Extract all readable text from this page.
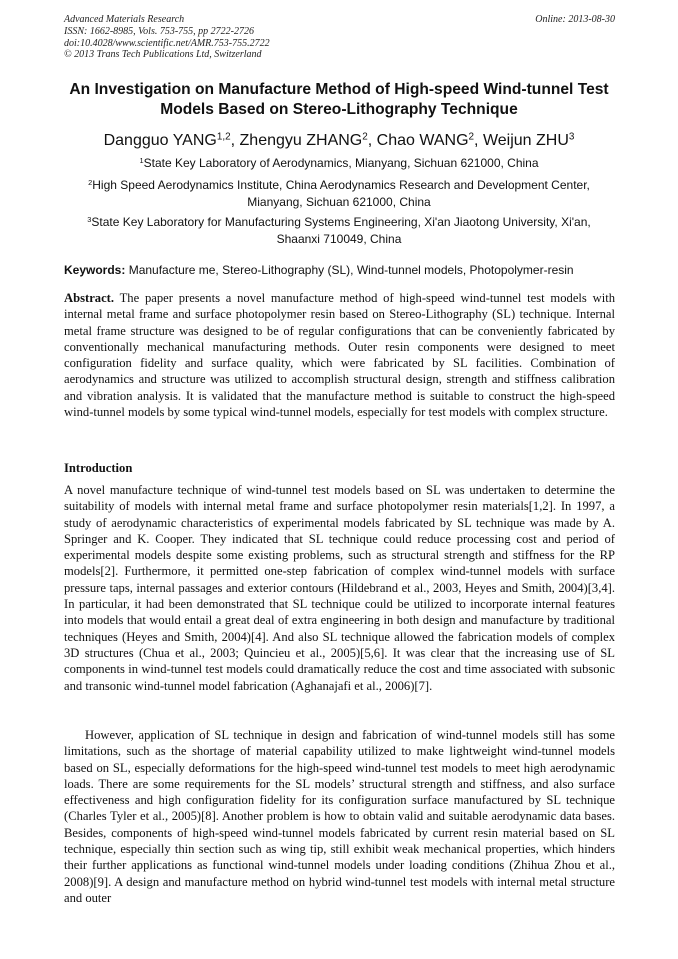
Advanced Materials Research
ISSN: 1662-8985, Vols. 753-755, pp 2722-2726
doi:10.4028/www.scientific.net/AMR.753-755.2722
© 2013 Trans Tech Publications Ltd, Switzerland
Online: 2013-08-30
An Investigation on Manufacture Method of High-speed Wind-tunnel Test Models Based on Stereo-Lithography Technique
Dangguo YANG$^{1,2}$, Zhengyu ZHANG$^2$, Chao WANG$^2$, Weijun ZHU$^3$
$^1$State Key Laboratory of Aerodynamics, Mianyang, Sichuan 621000, China
$^2$High Speed Aerodynamics Institute, China Aerodynamics Research and Development Center, Mianyang, Sichuan 621000, China
$^3$State Key Laboratory for Manufacturing Systems Engineering, Xi'an Jiaotong University, Xi'an, Shaanxi 710049, China
Keywords: Manufacture me, Stereo-Lithography (SL), Wind-tunnel models, Photopolymer-resin
Abstract. The paper presents a novel manufacture method of high-speed wind-tunnel test models with internal metal frame and surface photopolymer resin based on Stereo-Lithography (SL) technique. Internal metal frame structure was designed to be of regular configurations that can be conveniently fabricated by conventionally mechanical manufacturing methods. Outer resin components were designed to meet configuration fidelity and surface quality, which were fabricated by SL facilities. Combination of aerodynamics and structure was utilized to accomplish structural design, strength and stiffness calibration and vibration analysis. It is validated that the manufacture method is suitable to construct the high-speed wind-tunnel models by some typical wind-tunnel models, especially for test models with complex structure.
Introduction
A novel manufacture technique of wind-tunnel test models based on SL was undertaken to determine the suitability of models with internal metal frame and surface photopolymer resin materials[1,2]. In 1997, a study of aerodynamic characteristics of experimental models fabricated by SL technique was made by A. Springer and K. Cooper. They indicated that SL technique could reduce processing cost and period of experimental models despite some existing problems, such as structural strength and stiffness for the RP models[2]. Furthermore, it permitted one-step fabrication of complex wind-tunnel models with surface pressure taps, internal passages and exterior contours (Hildebrand et al., 2003, Heyes and Smith, 2004)[3,4]. In particular, it had been demonstrated that SL technique could be utilized to incorporate internal features into models that would entail a great deal of extra engineering in both design and manufacture by traditional techniques (Heyes and Smith, 2004)[4]. And also SL technique allowed the fabrication models of complex 3D structures (Chua et al., 2003; Quincieu et al., 2005)[5,6]. It was clear that the increasing use of SL components in wind-tunnel test models could dramatically reduce the cost and time associated with subsonic and transonic wind-tunnel model fabrication (Aghanajafi et al., 2006)[7].
However, application of SL technique in design and fabrication of wind-tunnel models still has some limitations, such as the shortage of material capability utilized to make lightweight wind-tunnel models based on SL, especially deformations for the high-speed wind-tunnel test models to meet high aerodynamic loads. There are some requirements for the SL models’ structural strength and stiffness, and also surface effectiveness and high configuration fidelity for its configuration surface manufactured by SL technique (Charles Tyler et al., 2005)[8]. Another problem is how to obtain valid and suitable aerodynamic data bases. Besides, components of high-speed wind-tunnel models fabricated by current resin material based on SL technique, especially thin section such as wing tip, still exhibit weak mechanical properties, which hinders their further applications as functional wind-tunnel models under loading conditions (Zhihua Zhou et al., 2008)[9]. A design and manufacture method on hybrid wind-tunnel test models with internal metal structure and outer
